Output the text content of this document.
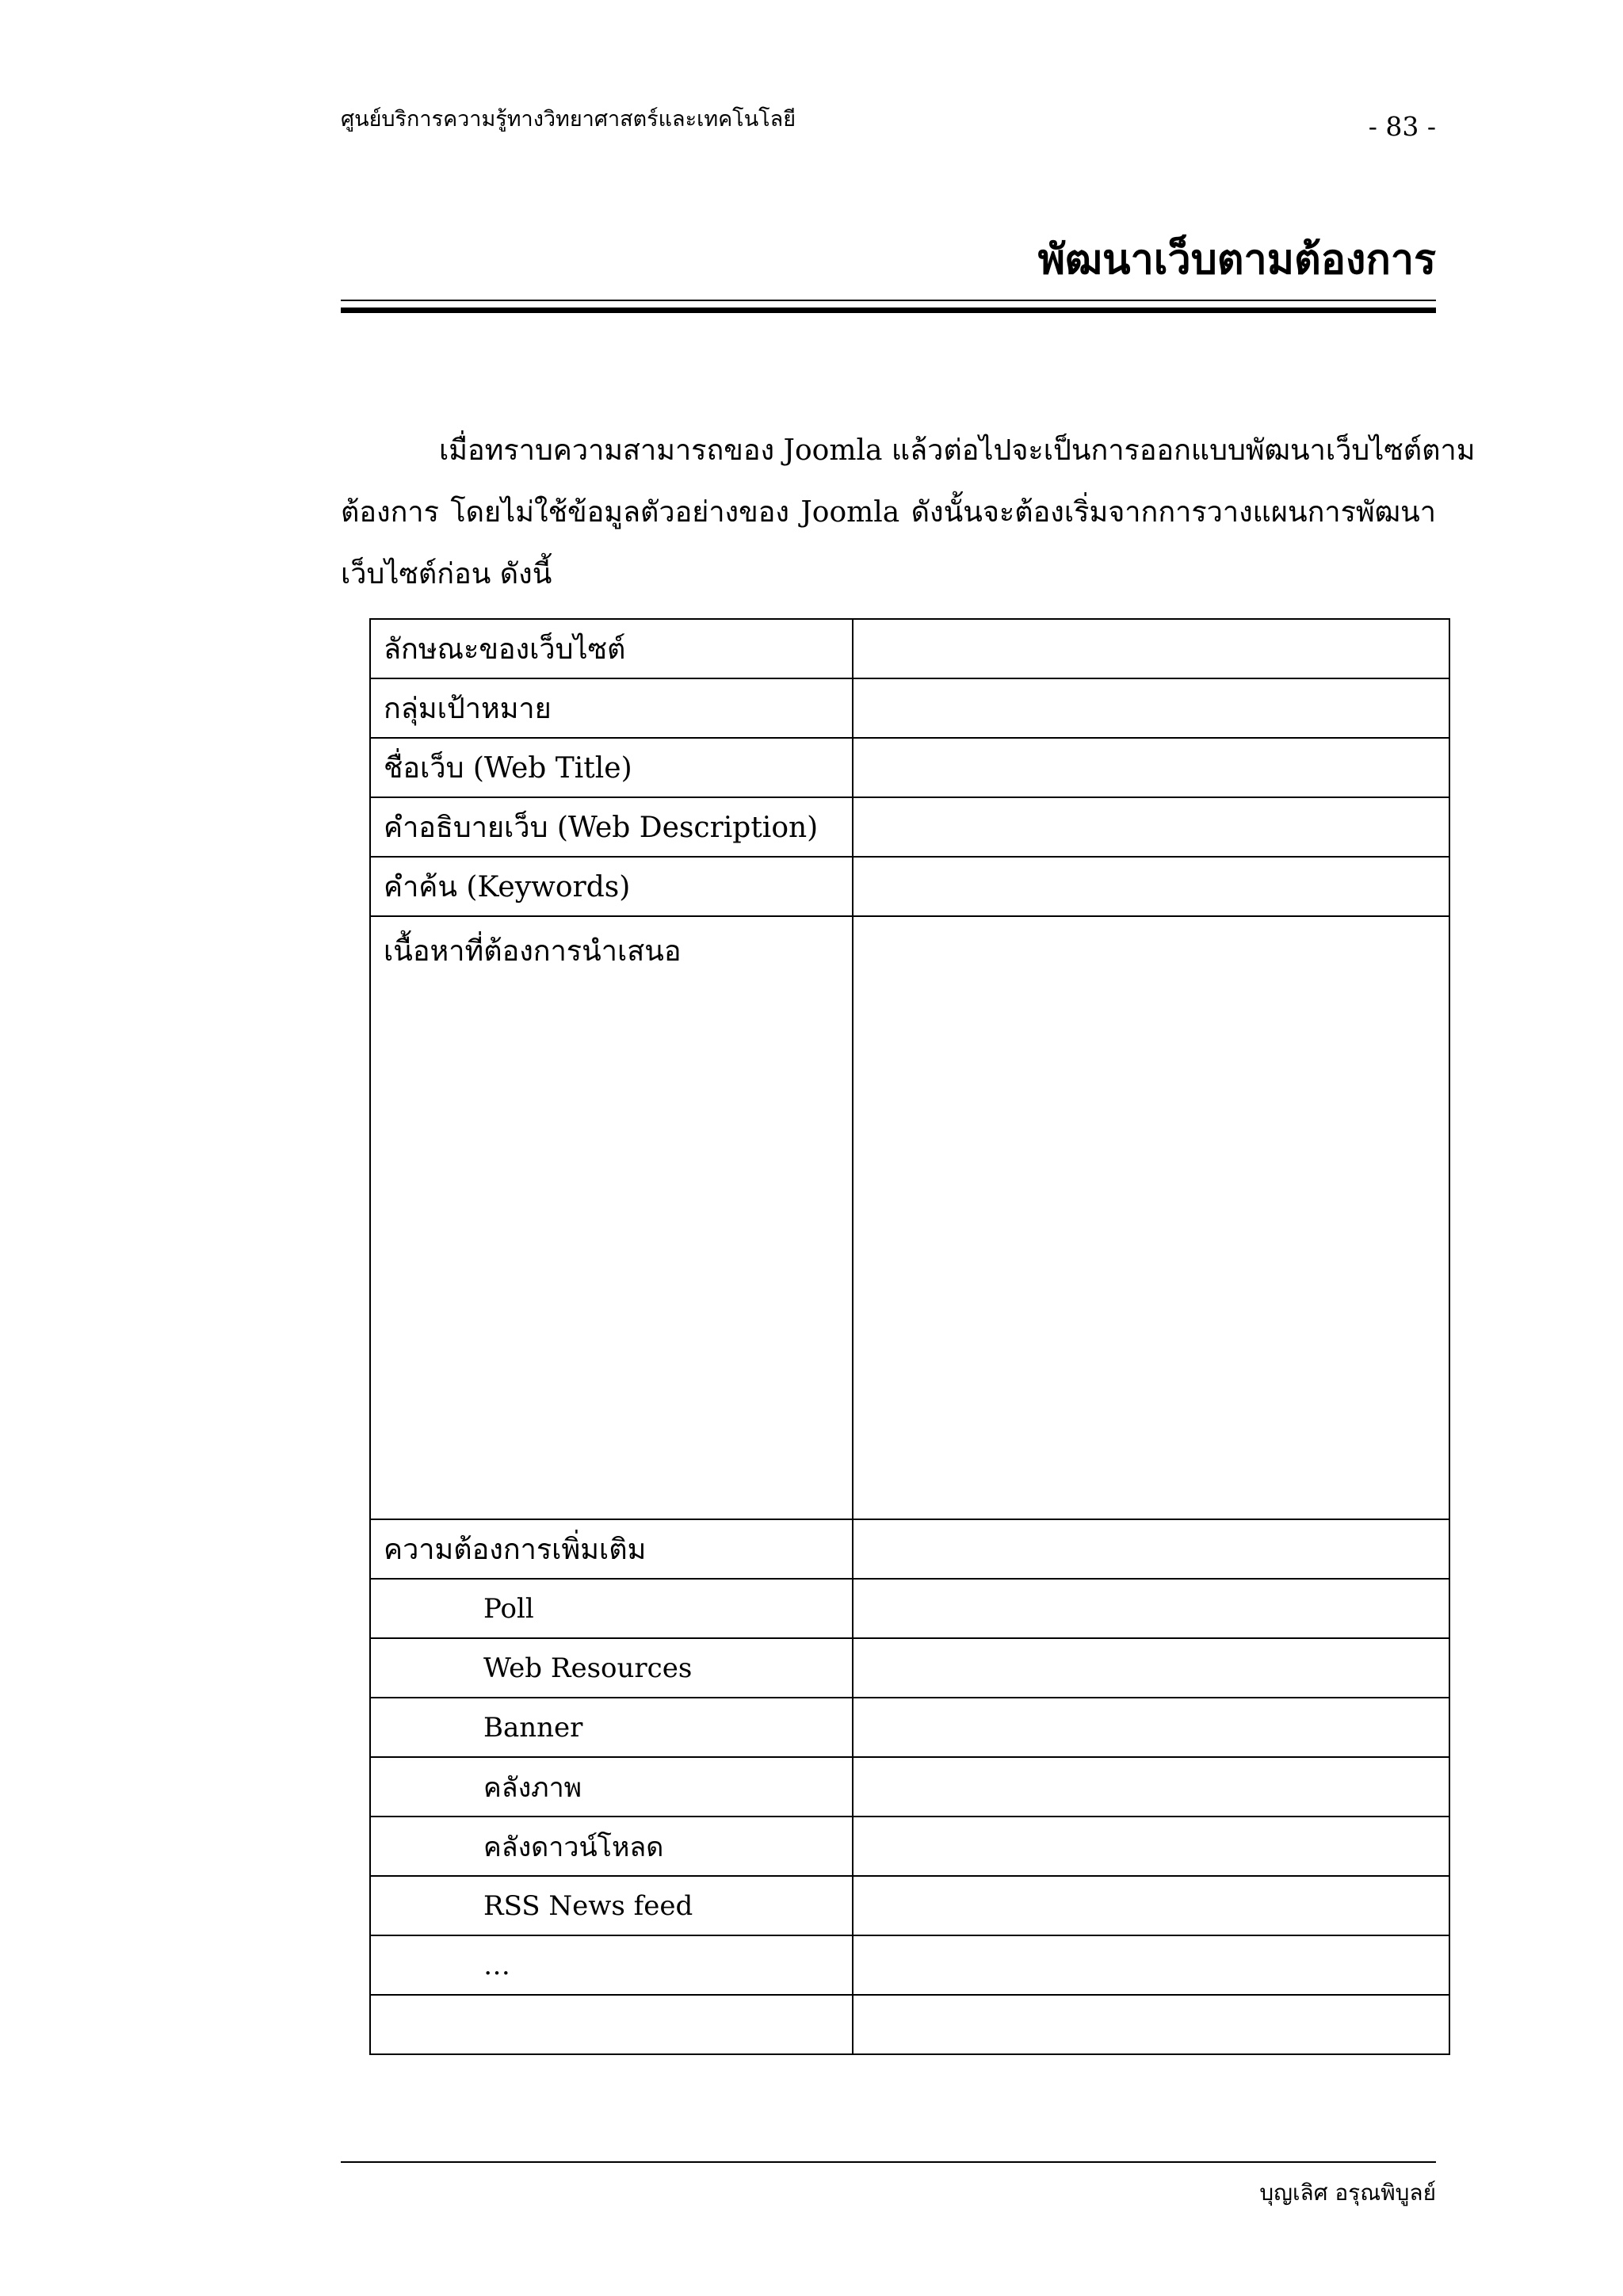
ศูนย์บริการความรู้ทางวิทยาศาสตร์และเทคโนโลยี	- 83 -
พัฒนาเว็บตามต้องการ
เมื่อทราบความสามารถของ Joomla แล้วต่อไปจะเป็นการออกแบบพัฒนาเว็บไซต์ตาม
ต้องการ โดยไม่ใช้ข้อมูลตัวอย่างของ Joomla ดังนั้นจะต้องเริ่มจากการวางแผนการพัฒนา
เว็บไซต์ก่อน ดังนี้
ลักษณะของเว็บไซต์	
กลุ่มเป้าหมาย	
ชื่อเว็บ (Web Title)	
คำอธิบายเว็บ (Web Description)	
คำค้น (Keywords)	
เนื้อหาที่ต้องการนำเสนอ	
ความต้องการเพิ่มเติม	
Poll	
Web Resources	
Banner	
คลังภาพ	
คลังดาวน์โหลด	
RSS News feed	
…	

บุญเลิศ อรุณพิบูลย์
